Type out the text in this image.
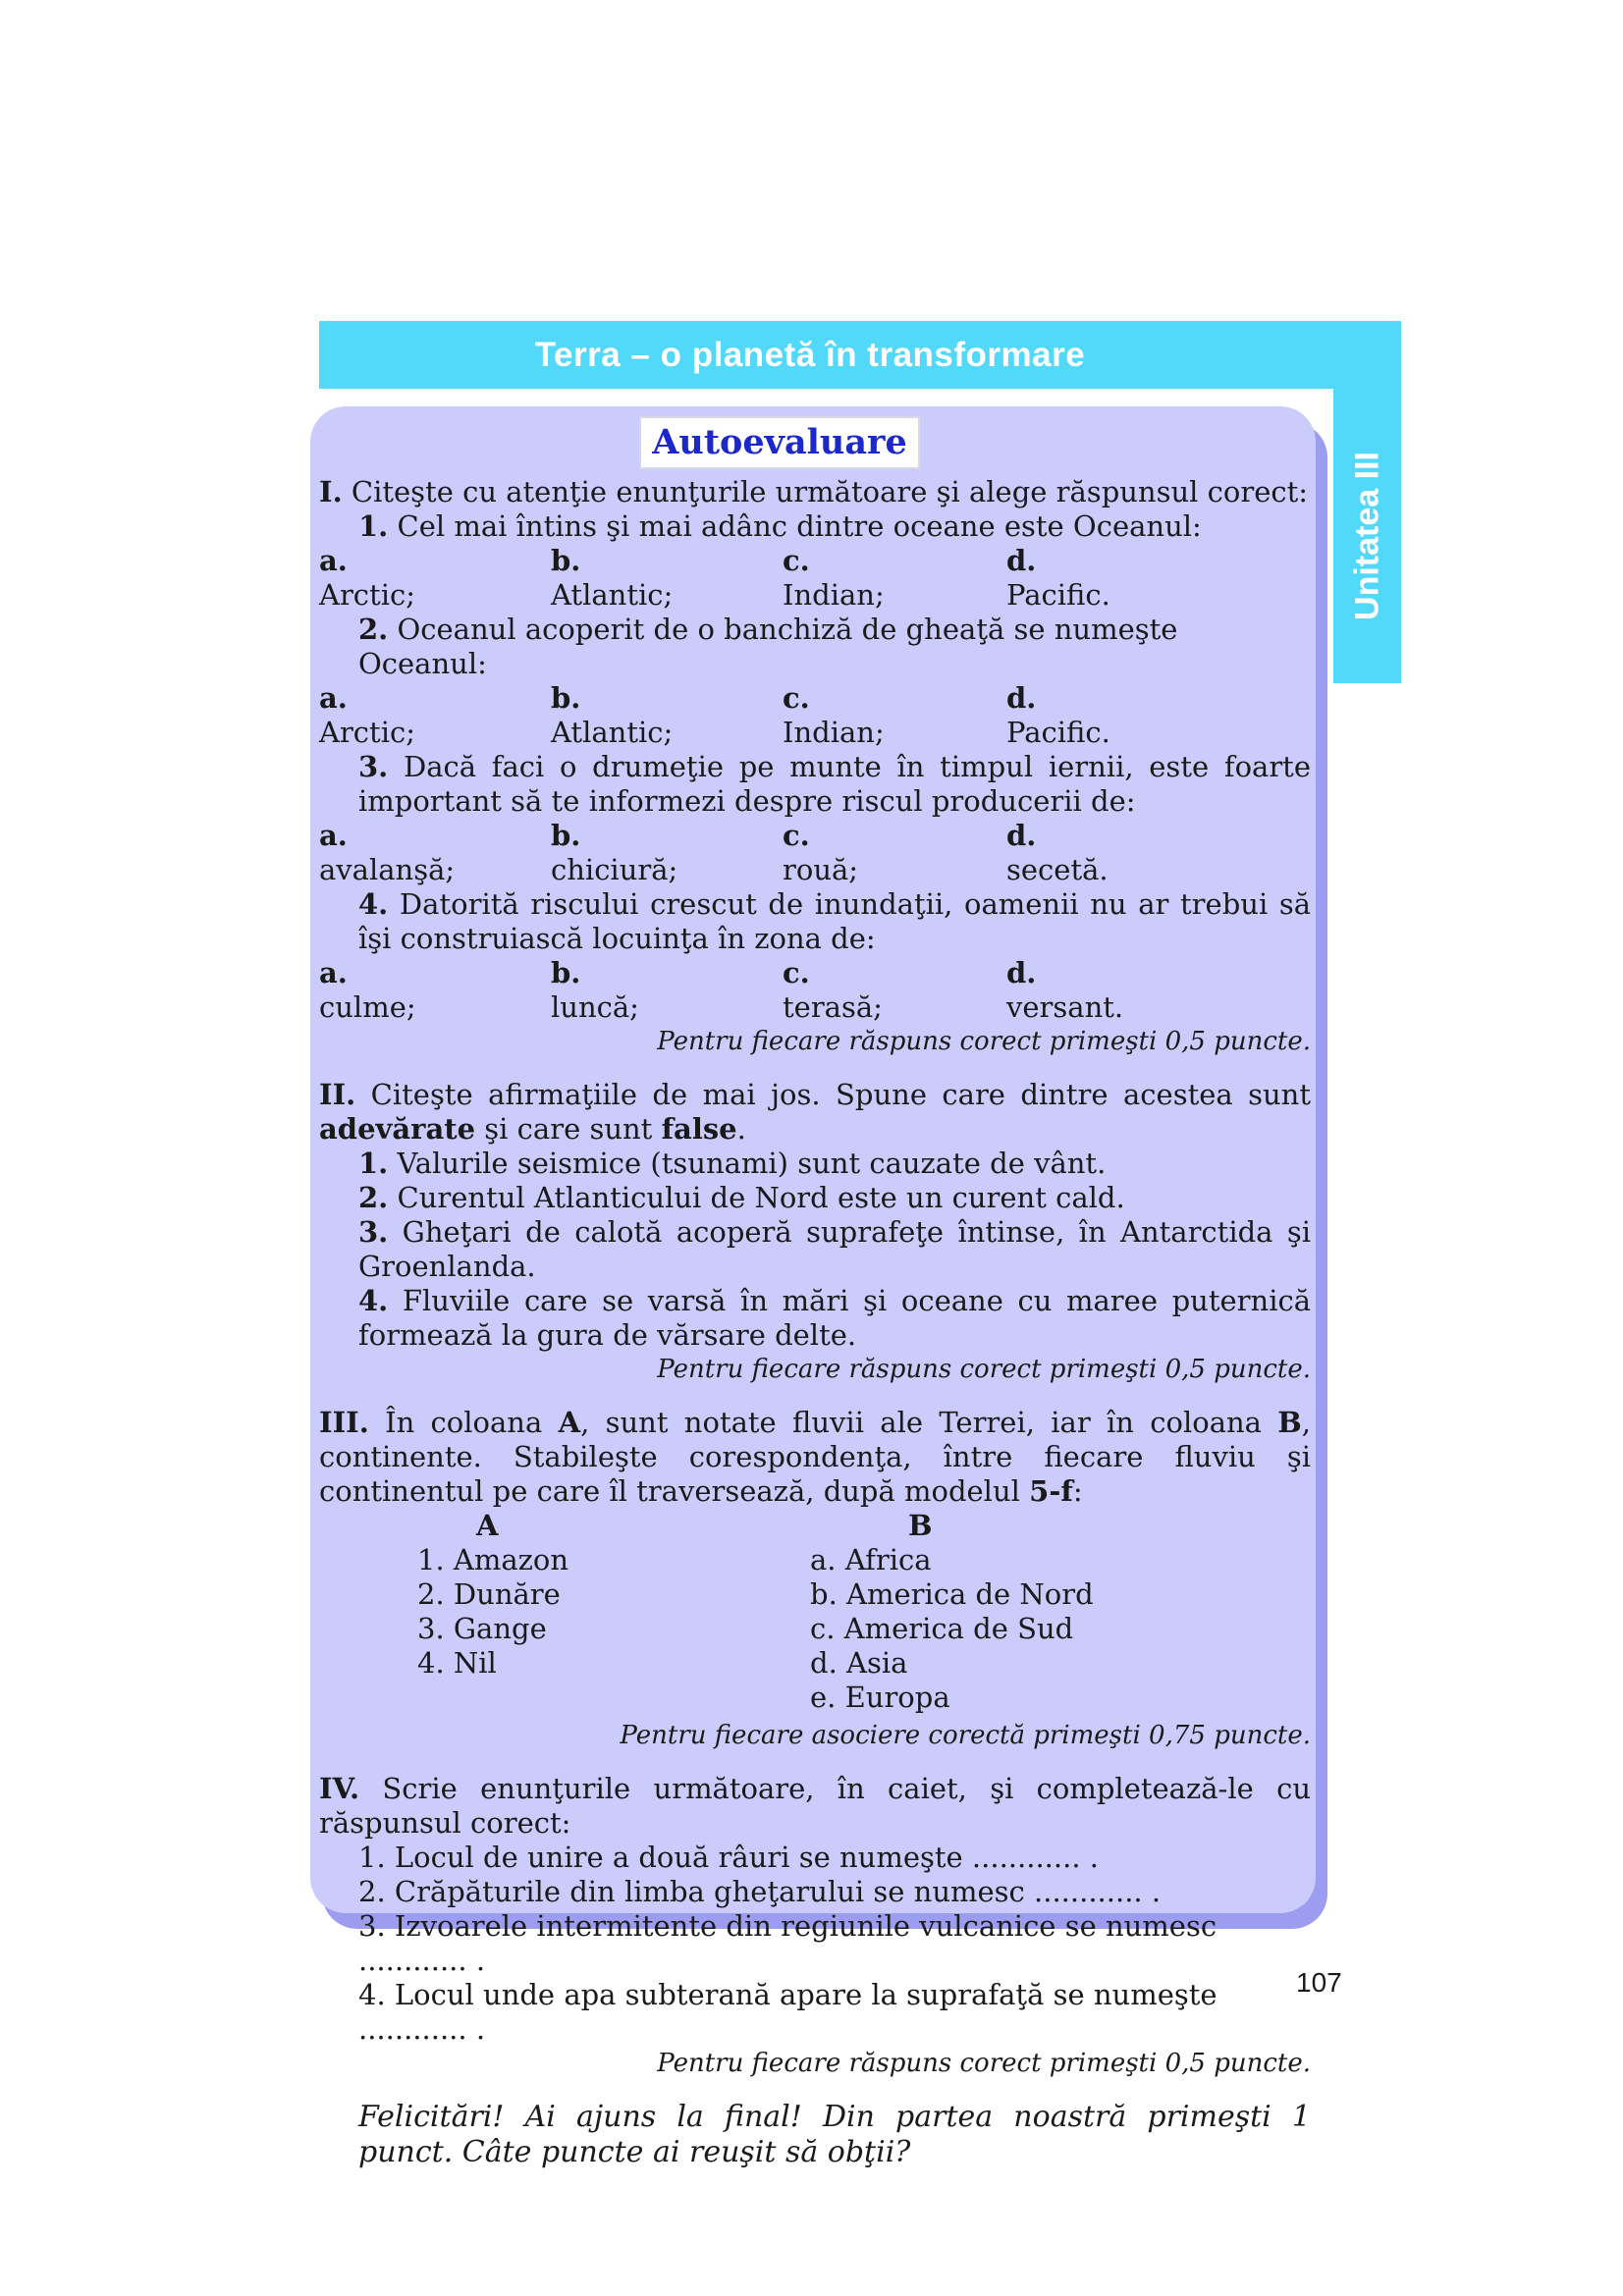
Terra – o planetă în transformare
Unitatea III
Autoevaluare

I. Citeşte cu atenţie enunţurile următoare şi alege răspunsul corect:

1. Cel mai întins şi mai adânc dintre oceane este Oceanul:

a.
Arctic;
b.
Atlantic;
c.
Indian;
d.
Pacific.

2. Oceanul acoperit de o banchiză de gheaţă se numeşte Oceanul:

a.
Arctic;
b.
Atlantic;
c.
Indian;
d.
Pacific.

3. Dacă faci o drumeţie pe munte în timpul iernii, este foarte important să te informezi despre riscul producerii de:

a.
avalanşă;
b.
chiciură;
c.
rouă;
d.
secetă.

4. Datorită riscului crescut de inundaţii, oamenii nu ar trebui să îşi construiască locuinţa în zona de:

a.
culme;
b.
luncă;
c.
terasă;
d.
versant.

Pentru fiecare răspuns corect primeşti 0,5 puncte.

II. Citeşte afirmaţiile de mai jos. Spune care dintre acestea sunt adevărate şi care sunt false.

1. Valurile seismice (tsunami) sunt cauzate de vânt.

2. Curentul Atlanticului de Nord este un curent cald.

3. Gheţari de calotă acoperă suprafeţe întinse, în Antarctida şi Groenlanda.

4. Fluviile care se varsă în mări şi oceane cu maree puternică formează la gura de vărsare delte.

Pentru fiecare răspuns corect primeşti 0,5 puncte.

III. În coloana A, sunt notate fluvii ale Terrei, iar în coloana B, continente. Stabileşte corespondenţa, între fiecare fluviu şi continentul pe care îl traversează, după modelul 5-f:

A
1. Amazon
2. Dunăre
3. Gange
4. Nil
B
a. Africa
b. America de Nord
c. America de Sud
d. Asia
e. Europa

Pentru fiecare asociere corectă primeşti 0,75 puncte.

IV. Scrie enunţurile următoare, în caiet, şi completează-le cu răspunsul corect:

1. Locul de unire a două râuri se numeşte ............ .

2. Crăpăturile din limba gheţarului se numesc ............ .

3. Izvoarele intermitente din regiunile vulcanice se numesc ............ .

4. Locul unde apa subterană apare la suprafaţă se numeşte ............ .

Pentru fiecare răspuns corect primeşti 0,5 puncte.

Felicitări! Ai ajuns la final! Din partea noastră primeşti 1 punct. Câte puncte ai reuşit să obţii?

107
